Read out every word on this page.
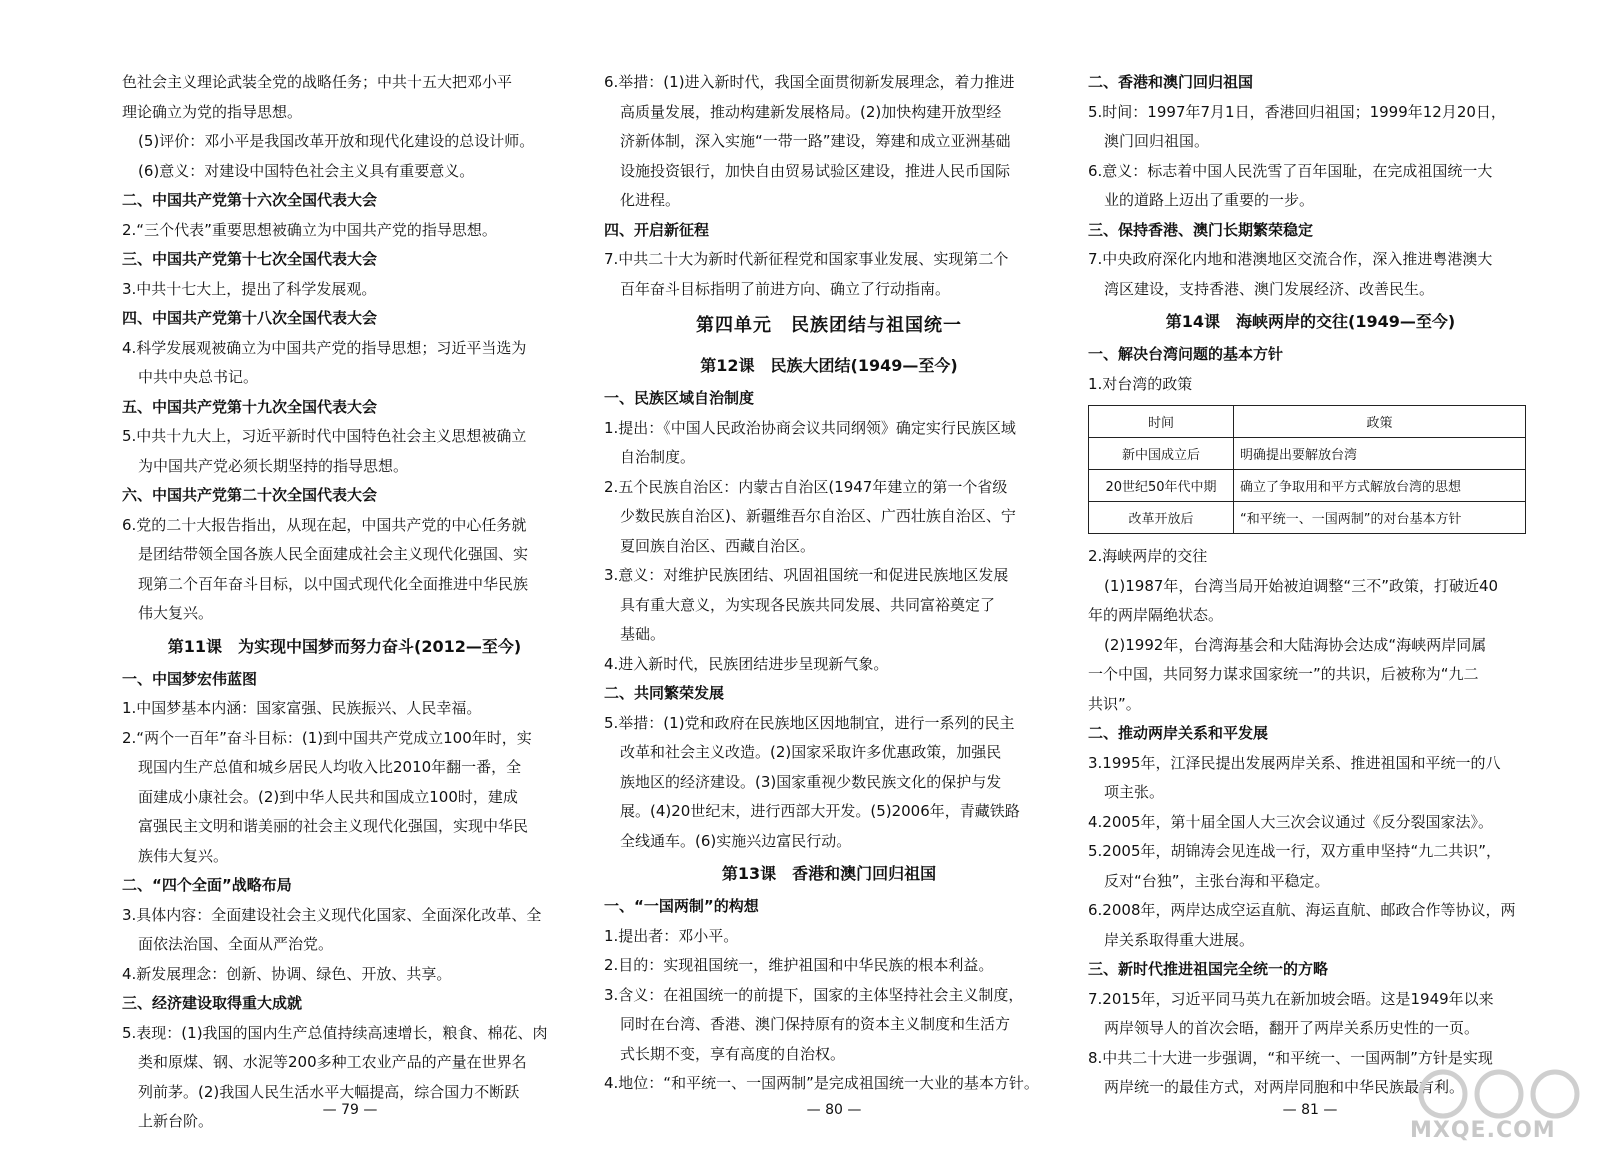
色社会主义理论武装全党的战略任务；中共十五大把邓小平
理论确立为党的指导思想。
(5)评价：邓小平是我国改革开放和现代化建设的总设计师。
(6)意义：对建设中国特色社会主义具有重要意义。
二、中国共产党第十六次全国代表大会
2.“三个代表”重要思想被确立为中国共产党的指导思想。
三、中国共产党第十七次全国代表大会
3.中共十七大上，提出了科学发展观。
四、中国共产党第十八次全国代表大会
4.科学发展观被确立为中国共产党的指导思想；习近平当选为
中共中央总书记。
五、中国共产党第十九次全国代表大会
5.中共十九大上，习近平新时代中国特色社会主义思想被确立
为中国共产党必须长期坚持的指导思想。
六、中国共产党第二十次全国代表大会
6.党的二十大报告指出，从现在起，中国共产党的中心任务就
是团结带领全国各族人民全面建成社会主义现代化强国、实
现第二个百年奋斗目标，以中国式现代化全面推进中华民族
伟大复兴。
第11课　为实现中国梦而努力奋斗(2012—至今)
一、中国梦宏伟蓝图
1.中国梦基本内涵：国家富强、民族振兴、人民幸福。
2.“两个一百年”奋斗目标：(1)到中国共产党成立100年时，实
现国内生产总值和城乡居民人均收入比2010年翻一番，全
面建成小康社会。(2)到中华人民共和国成立100时，建成
富强民主文明和谐美丽的社会主义现代化强国，实现中华民
族伟大复兴。
二、“四个全面”战略布局
3.具体内容：全面建设社会主义现代化国家、全面深化改革、全
面依法治国、全面从严治党。
4.新发展理念：创新、协调、绿色、开放、共享。
三、经济建设取得重大成就
5.表现：(1)我国的国内生产总值持续高速增长，粮食、棉花、肉
类和原煤、钢、水泥等200多种工农业产品的产量在世界名
列前茅。(2)我国人民生活水平大幅提高，综合国力不断跃
上新台阶。
6.举措：(1)进入新时代，我国全面贯彻新发展理念，着力推进
高质量发展，推动构建新发展格局。(2)加快构建开放型经
济新体制，深入实施“一带一路”建设，筹建和成立亚洲基础
设施投资银行，加快自由贸易试验区建设，推进人民币国际
化进程。
四、开启新征程
7.中共二十大为新时代新征程党和国家事业发展、实现第二个
百年奋斗目标指明了前进方向、确立了行动指南。
第四单元　民族团结与祖国统一
第12课　民族大团结(1949—至今)
一、民族区域自治制度
1.提出：《中国人民政治协商会议共同纲领》确定实行民族区域
自治制度。
2.五个民族自治区：内蒙古自治区(1947年建立的第一个省级
少数民族自治区)、新疆维吾尔自治区、广西壮族自治区、宁
夏回族自治区、西藏自治区。
3.意义：对维护民族团结、巩固祖国统一和促进民族地区发展
具有重大意义，为实现各民族共同发展、共同富裕奠定了
基础。
4.进入新时代，民族团结进步呈现新气象。
二、共同繁荣发展
5.举措：(1)党和政府在民族地区因地制宜，进行一系列的民主
改革和社会主义改造。(2)国家采取许多优惠政策，加强民
族地区的经济建设。(3)国家重视少数民族文化的保护与发
展。(4)20世纪末，进行西部大开发。(5)2006年，青藏铁路
全线通车。(6)实施兴边富民行动。
第13课　香港和澳门回归祖国
一、“一国两制”的构想
1.提出者：邓小平。
2.目的：实现祖国统一，维护祖国和中华民族的根本利益。
3.含义：在祖国统一的前提下，国家的主体坚持社会主义制度，
同时在台湾、香港、澳门保持原有的资本主义制度和生活方
式长期不变，享有高度的自治权。
4.地位：“和平统一、一国两制”是完成祖国统一大业的基本方针。
二、香港和澳门回归祖国
5.时间：1997年7月1日，香港回归祖国；1999年12月20日，
澳门回归祖国。
6.意义：标志着中国人民洗雪了百年国耻，在完成祖国统一大
业的道路上迈出了重要的一步。
三、保持香港、澳门长期繁荣稳定
7.中央政府深化内地和港澳地区交流合作，深入推进粤港澳大
湾区建设，支持香港、澳门发展经济、改善民生。
第14课　海峡两岸的交往(1949—至今)
一、解决台湾问题的基本方针
1.对台湾的政策
时间	政策
新中国成立后	明确提出要解放台湾
20世纪50年代中期	确立了争取用和平方式解放台湾的思想
改革开放后	“和平统一、一国两制”的对台基本方针
2.海峡两岸的交往
(1)1987年，台湾当局开始被迫调整“三不”政策，打破近40
年的两岸隔绝状态。
(2)1992年，台湾海基会和大陆海协会达成“海峡两岸同属
一个中国，共同努力谋求国家统一”的共识，后被称为“九二
共识”。
二、推动两岸关系和平发展
3.1995年，江泽民提出发展两岸关系、推进祖国和平统一的八
项主张。
4.2005年，第十届全国人大三次会议通过《反分裂国家法》。
5.2005年，胡锦涛会见连战一行，双方重申坚持“九二共识”，
反对“台独”，主张台海和平稳定。
6.2008年，两岸达成空运直航、海运直航、邮政合作等协议，两
岸关系取得重大进展。
三、新时代推进祖国完全统一的方略
7.2015年，习近平同马英九在新加坡会晤。这是1949年以来
两岸领导人的首次会晤，翻开了两岸关系历史性的一页。
8.中共二十大进一步强调，“和平统一、一国两制”方针是实现
两岸统一的最佳方式，对两岸同胞和中华民族最有利。
— 79 —	— 80 —	— 81 —
MXQE.COM
